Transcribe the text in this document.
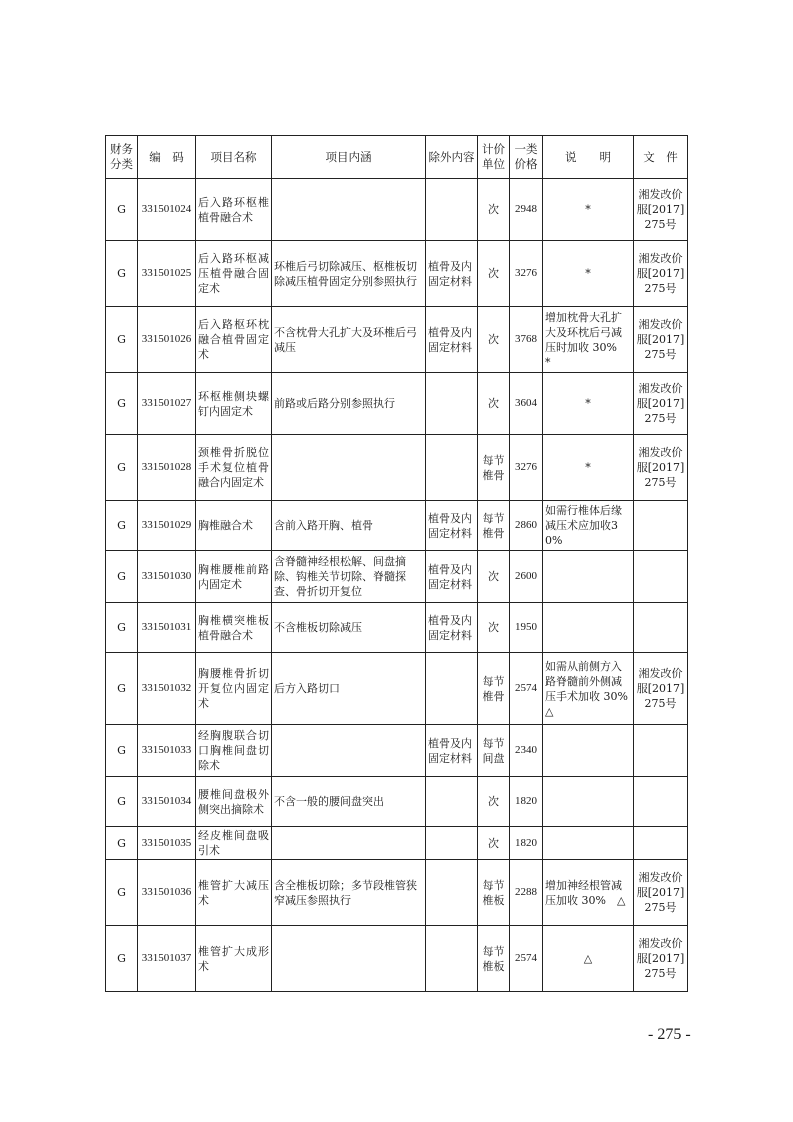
财务分类	编　码	项目名称	项目内涵	除外内容	计价单位	一类价格	说　　明	文　件
G	331501024	后入路环枢椎植骨融合术			次	2948	*	湘发改价服[2017]275号
G	331501025	后入路环枢减压植骨融合固定术	环椎后弓切除减压、枢椎板切除减压植骨固定分别参照执行	植骨及内固定材料	次	3276	*	湘发改价服[2017]275号
G	331501026	后入路枢环枕融合植骨固定术	不含枕骨大孔扩大及环椎后弓减压	植骨及内固定材料	次	3768	增加枕骨大孔扩大及环枕后弓减压时加收 30%　*	湘发改价服[2017]275号
G	331501027	环枢椎侧块螺钉内固定术	前路或后路分别参照执行		次	3604	*	湘发改价服[2017]275号
G	331501028	颈椎骨折脱位手术复位植骨融合内固定术			每节椎骨	3276	*	湘发改价服[2017]275号
G	331501029	胸椎融合术	含前入路开胸、植骨	植骨及内固定材料	每节椎骨	2860	如需行椎体后缘减压术应加收30%	
G	331501030	胸椎腰椎前路内固定术	含脊髓神经根松解、间盘摘除、钩椎关节切除、脊髓探查、骨折切开复位	植骨及内固定材料	次	2600		
G	331501031	胸椎横突椎板植骨融合术	不含椎板切除减压	植骨及内固定材料	次	1950		
G	331501032	胸腰椎骨折切开复位内固定术	后方入路切口		每节椎骨	2574	如需从前侧方入路脊髓前外侧减压手术加收 30%　△	湘发改价服[2017]275号
G	331501033	经胸腹联合切口胸椎间盘切除术		植骨及内固定材料	每节间盘	2340		
G	331501034	腰椎间盘极外侧突出摘除术	不含一般的腰间盘突出		次	1820		
G	331501035	经皮椎间盘吸引术			次	1820		
G	331501036	椎管扩大减压术	含全椎板切除；多节段椎管狭窄减压参照执行		每节椎板	2288	增加神经根管减压加收 30%　△	湘发改价服[2017]275号
G	331501037	椎管扩大成形术			每节椎板	2574	△	湘发改价服[2017]275号
- 275 -
